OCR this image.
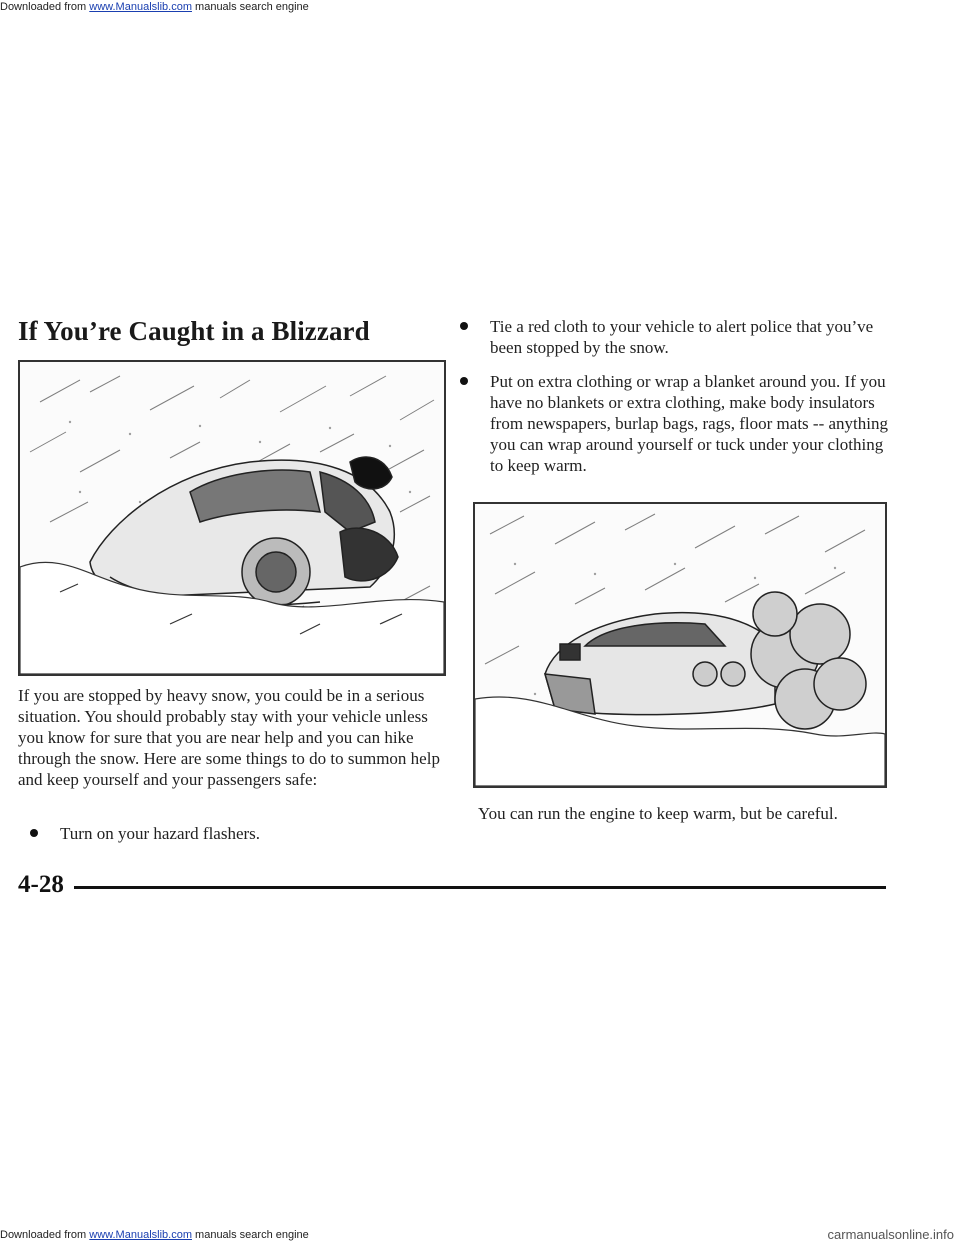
Downloaded from www.Manualslib.com manuals search engine
If You’re Caught in a Blizzard

If you are stopped by heavy snow, you could be in a serious situation. You should probably stay with your vehicle unless you know for sure that you are near help and you can hike through the snow. Here are some things to do to summon help and keep yourself and your passengers safe:

Turn on your hazard flashers.
Tie a red cloth to your vehicle to alert police that you’ve been stopped by the snow.
Put on extra clothing or wrap a blanket around you. If you have no blankets or extra clothing, make body insulators from newspapers, burlap bags, rags, floor mats -- anything you can wrap around yourself or tuck under your clothing to keep warm.

You can run the engine to keep warm, but be careful.

4-28
Downloaded from www.Manualslib.com manuals search engine	carmanualsonline.info
